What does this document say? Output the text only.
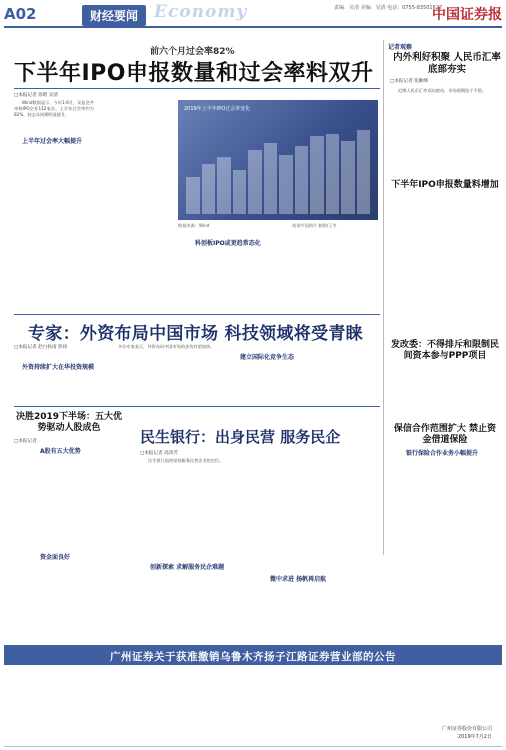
A02	财经要闻 Economy	责编：吴清 美编：吴清 电话：0755-83501627
中国证券报
前六个月过会率82%
下半年IPO申报数量和过会率料双升
□本报记者 徐昭 吴清
Wind数据显示，今年1-6月，证监会共审核IPO企业112家次。上半年过会率约为82%，较去年同期明显提升。
上半年过会率大幅提升
2019年上半年IPO过会率变化
数据来源：Wind	视觉中国图片 制图/王冬
科创板IPO或更趋常态化
记者观察
内外利好积聚 人民币汇率底部夯实
□本报记者 张勤峰
近期人民币汇率双向波动，市场预期趋于平稳。
下半年IPO申报数量料增加
发改委：不得排斥和限制民间资本参与PPP项目
保信合作范围扩大 禁止资金借道保险
银行保险合作业务小幅提升
专家：外资布局中国市场 科技领域将受青睐
□本报记者 赵白执南 彭扬
外资持续扩大在华投资规模
建立国际化竞争生态
多位专家表示，外资布局中国市场的步伐有望加快。
决胜2019下半场：五大优势驱动人股成色
□本报记者
A股有五大优势
资金面良好
民生银行：出身民营 服务民企
□本报记者 高改芳
民生银行始终坚持服务民营企业的定位。
创新探索 求解服务民企难题
微中求进 扬帆再启航
广州证券关于获准撤销乌鲁木齐扬子江路证券营业部的公告
广州证券股份有限公司
2019年7月2日
